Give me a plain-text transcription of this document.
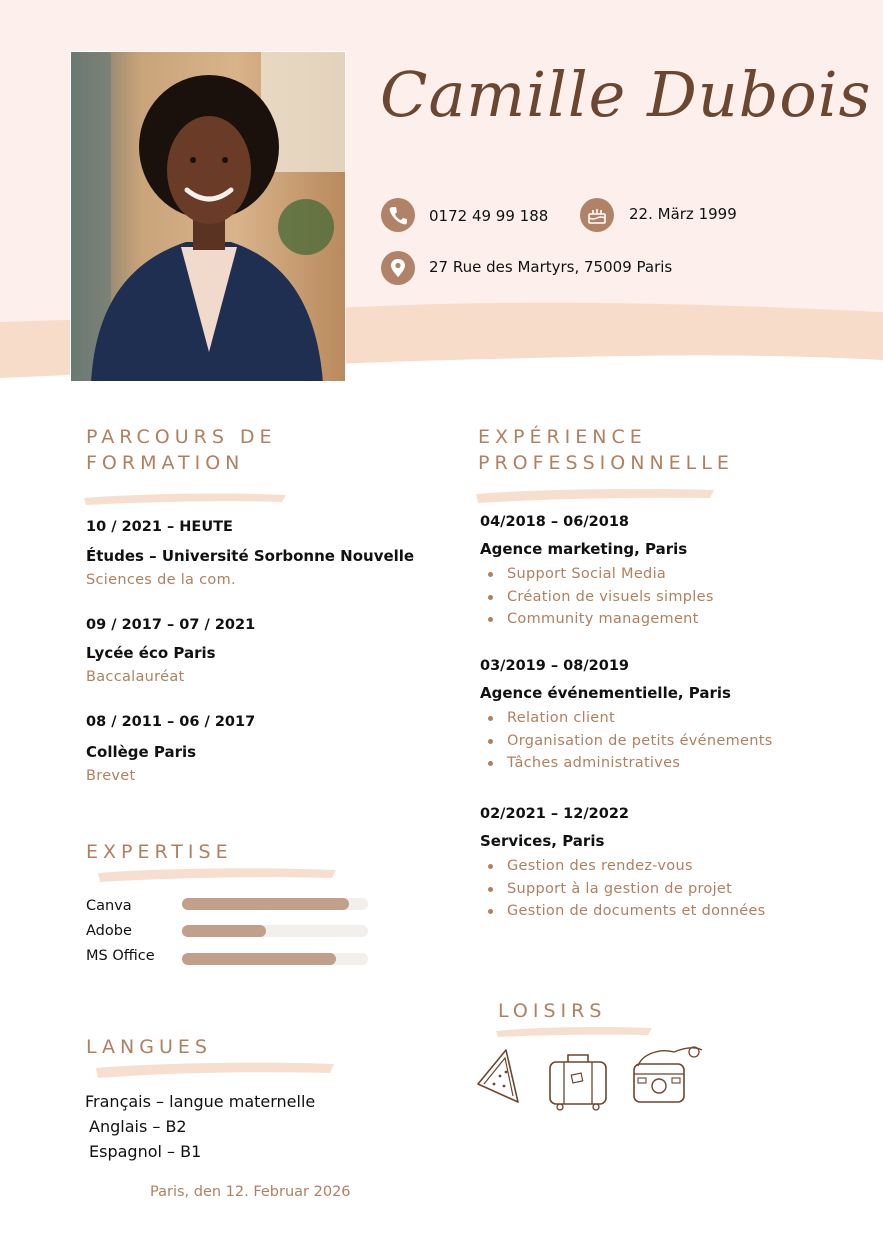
Camille Dubois
0172 49 99 188	22. März 1999
27 Rue des Martyrs, 75009 Paris
PARCOURS DE
FORMATION
10 / 2021 – HEUTE
Études – Université Sorbonne Nouvelle
Sciences de la com.
09 / 2017 – 07 / 2021
Lycée éco Paris
Baccalauréat
08 / 2011 – 06 / 2017
Collège Paris
Brevet
EXPÉRIENCE
PROFESSIONNELLE
04/2018 – 06/2018
Agence marketing, Paris
Support Social Media
Création de visuels simples
Community management
03/2019 – 08/2019
Agence événementielle, Paris
Relation client
Organisation de petits événements
Tâches administratives
02/2021 – 12/2022
Services, Paris
Gestion des rendez-vous
Support à la gestion de projet
Gestion de documents et données
EXPERTISE
Canva
Adobe
MS Office
LANGUES
Français – langue maternelle
Anglais – B2
Espagnol – B1
LOISIRS
Paris, den 12. Februar 2026
